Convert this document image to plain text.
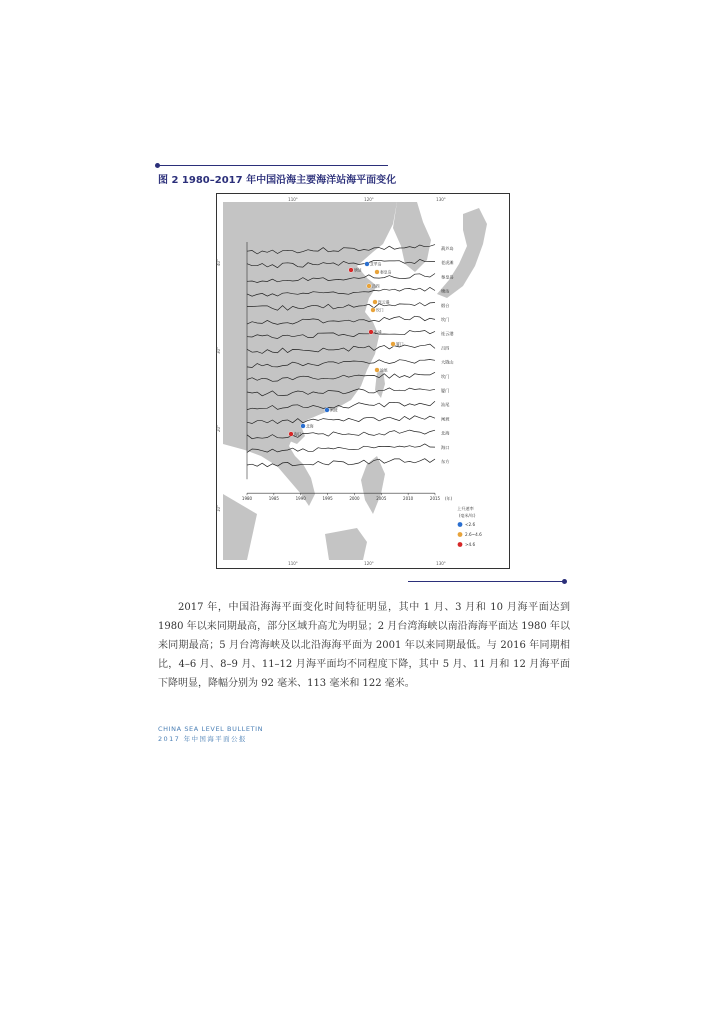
图 2 1980–2017 年中国沿海主要海洋站海平面变化
葫芦岛
老虎滩
秦皇岛
塘沽
烟台
坎门
连云港
吕四
大戢山
坎门
厦门
汕尾
闸坡
北海
海口
东方
1980	1985	1990	1995	2000	2005	2010	2015 (年)
110°	120°	130°
110°	120°	130°
40°
30°
20°
10°
芝罘岛
塘沽	秦皇岛
吕四
连云港
坎门
石浦
厦门
汕尾
闸坡
北海
海口
上升速率
(毫米/年)
<2.6
2.6~4.6
>4.6

2017 年，中国沿海海平面变化时间特征明显，其中 1 月、3 月和 10 月海平面达到 1980 年以来同期最高，部分区域升高尤为明显；2 月台湾海峡以南沿海海平面达 1980 年以来同期最高；5 月台湾海峡及以北沿海海平面为 2001 年以来同期最低。与 2016 年同期相比，4–6 月、8–9 月、11–12 月海平面均不同程度下降，其中 5 月、11 月和 12 月海平面下降明显，降幅分别为 92 毫米、113 毫米和 122 毫米。

CHINA SEA LEVEL BULLETIN
2017 年中国海平面公报
